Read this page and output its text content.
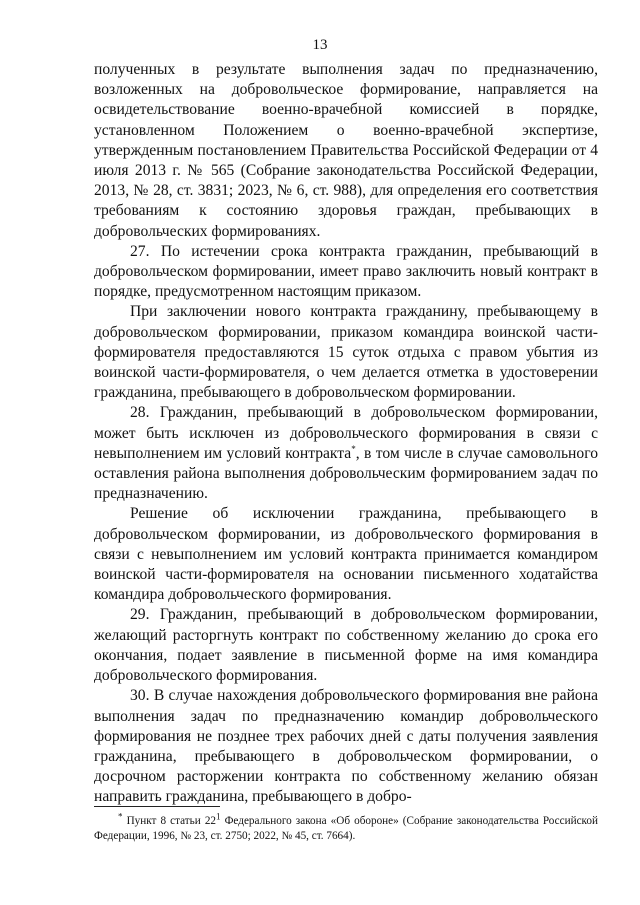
13

полученных в результате выполнения задач по предназначению, возложенных на добровольческое формирование, направляется на освидетельствование военно-врачебной комиссией в порядке, установленном Положением о военно-врачебной экспертизе, утвержденным постановлением Правительства Российской Федерации от 4 июля 2013 г. № 565 (Собрание законодательства Российской Федерации, 2013, № 28, ст. 3831; 2023, № 6, ст. 988), для определения его соответствия требованиям к состоянию здоровья граждан, пребывающих в добровольческих формированиях.

27. По истечении срока контракта гражданин, пребывающий в добровольческом формировании, имеет право заключить новый контракт в порядке, предусмотренном настоящим приказом.

При заключении нового контракта гражданину, пребывающему в добровольческом формировании, приказом командира воинской части-формирователя предоставляются 15 суток отдыха с правом убытия из воинской части-формирователя, о чем делается отметка в удостоверении гражданина, пребывающего в добровольческом формировании.

28. Гражданин, пребывающий в добровольческом формировании, может быть исключен из добровольческого формирования в связи с невыполнением им условий контракта*, в том числе в случае самовольного оставления района выполнения добровольческим формированием задач по предназначению.

Решение об исключении гражданина, пребывающего в добровольческом формировании, из добровольческого формирования в связи с невыполнением им условий контракта принимается командиром воинской части-формирователя на основании письменного ходатайства командира добровольческого формирования.

29. Гражданин, пребывающий в добровольческом формировании, желающий расторгнуть контракт по собственному желанию до срока его окончания, подает заявление в письменной форме на имя командира добровольческого формирования.

30. В случае нахождения добровольческого формирования вне района выполнения задач по предназначению командир добровольческого формирования не позднее трех рабочих дней с даты получения заявления гражданина, пребывающего в добровольческом формировании, о досрочном расторжении контракта по собственному желанию обязан направить гражданина, пребывающего в добро-

* Пункт 8 статьи $22^1$ Федерального закона «Об обороне» (Собрание законодательства Российской Федерации, 1996, № 23, ст. 2750; 2022, № 45, ст. 7664).
